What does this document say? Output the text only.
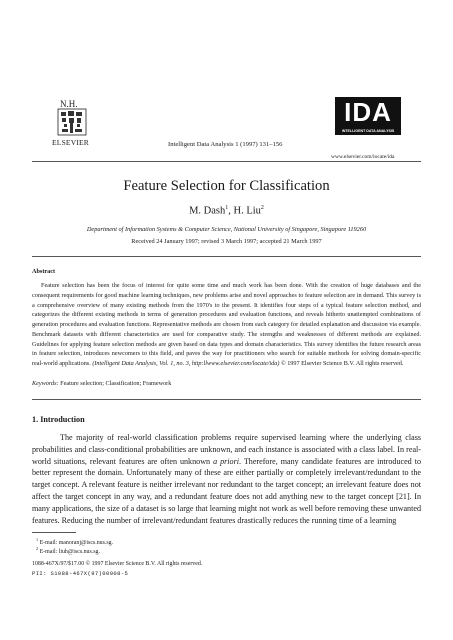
N.H.
ELSEVIER	Intelligent Data Analysis 1 (1997) 131–156
IDA
INTELLIGENT DATA ANALYSIS
www.elsevier.com/locate/ida
Feature Selection for Classification
M. Dash$^1$, H. Liu$^2$
Department of Information Systems & Computer Science, National University of Singapore, Singapore 119260
Received 24 January 1997; revised 3 March 1997; accepted 21 March 1997
Abstract
Feature selection has been the focus of interest for quite some time and much work has been done. With the creation of huge databases and the consequent requirements for good machine learning techniques, new problems arise and novel approaches to feature selection are in demand. This survey is a comprehensive overview of many existing methods from the 1970's to the present. It identifies four steps of a typical feature selection method, and categorizes the different existing methods in terms of generation procedures and evaluation functions, and reveals hitherto unattempted combinations of generation procedures and evaluation functions. Representative methods are chosen from each category for detailed explanation and discussion via example. Benchmark datasets with different characteristics are used for comparative study. The strengths and weaknesses of different methods are explained. Guidelines for applying feature selection methods are given based on data types and domain characteristics. This survey identifies the future research areas in feature selection, introduces newcomers to this field, and paves the way for practitioners who search for suitable methods for solving domain-specific real-world applications. (Intelligent Data Analysis, Vol. 1, no. 3, http:llwww.elsevier.com/locate/ida) © 1997 Elsevier Science B.V. All rights reserved.
Keywords: Feature selection; Classification; Framework
1. Introduction
The majority of real-world classification problems require supervised learning where the underlying class probabilities and class-conditional probabilities are unknown, and each instance is associated with a class label. In real-world situations, relevant features are often unknown a priori. Therefore, many candidate features are introduced to better represent the domain. Unfortunately many of these are either partially or completely irrelevant/redundant to the target concept. A relevant feature is neither irrelevant nor redundant to the target concept; an irrelevant feature does not affect the target concept in any way, and a redundant feature does not add anything new to the target concept [21]. In many applications, the size of a dataset is so large that learning might not work as well before removing these unwanted features. Reducing the number of irrelevant/redundant features drastically reduces the running time of a learning
$^1$ E-mail: manoranj@iscs.nus.sg.
$^2$ E-mail: liuh@iscs.nus.sg.
1088-467X/97/$17.00 © 1997 Elsevier Science B.V. All rights reserved.
PII: S1088-467X(97)00008-5
